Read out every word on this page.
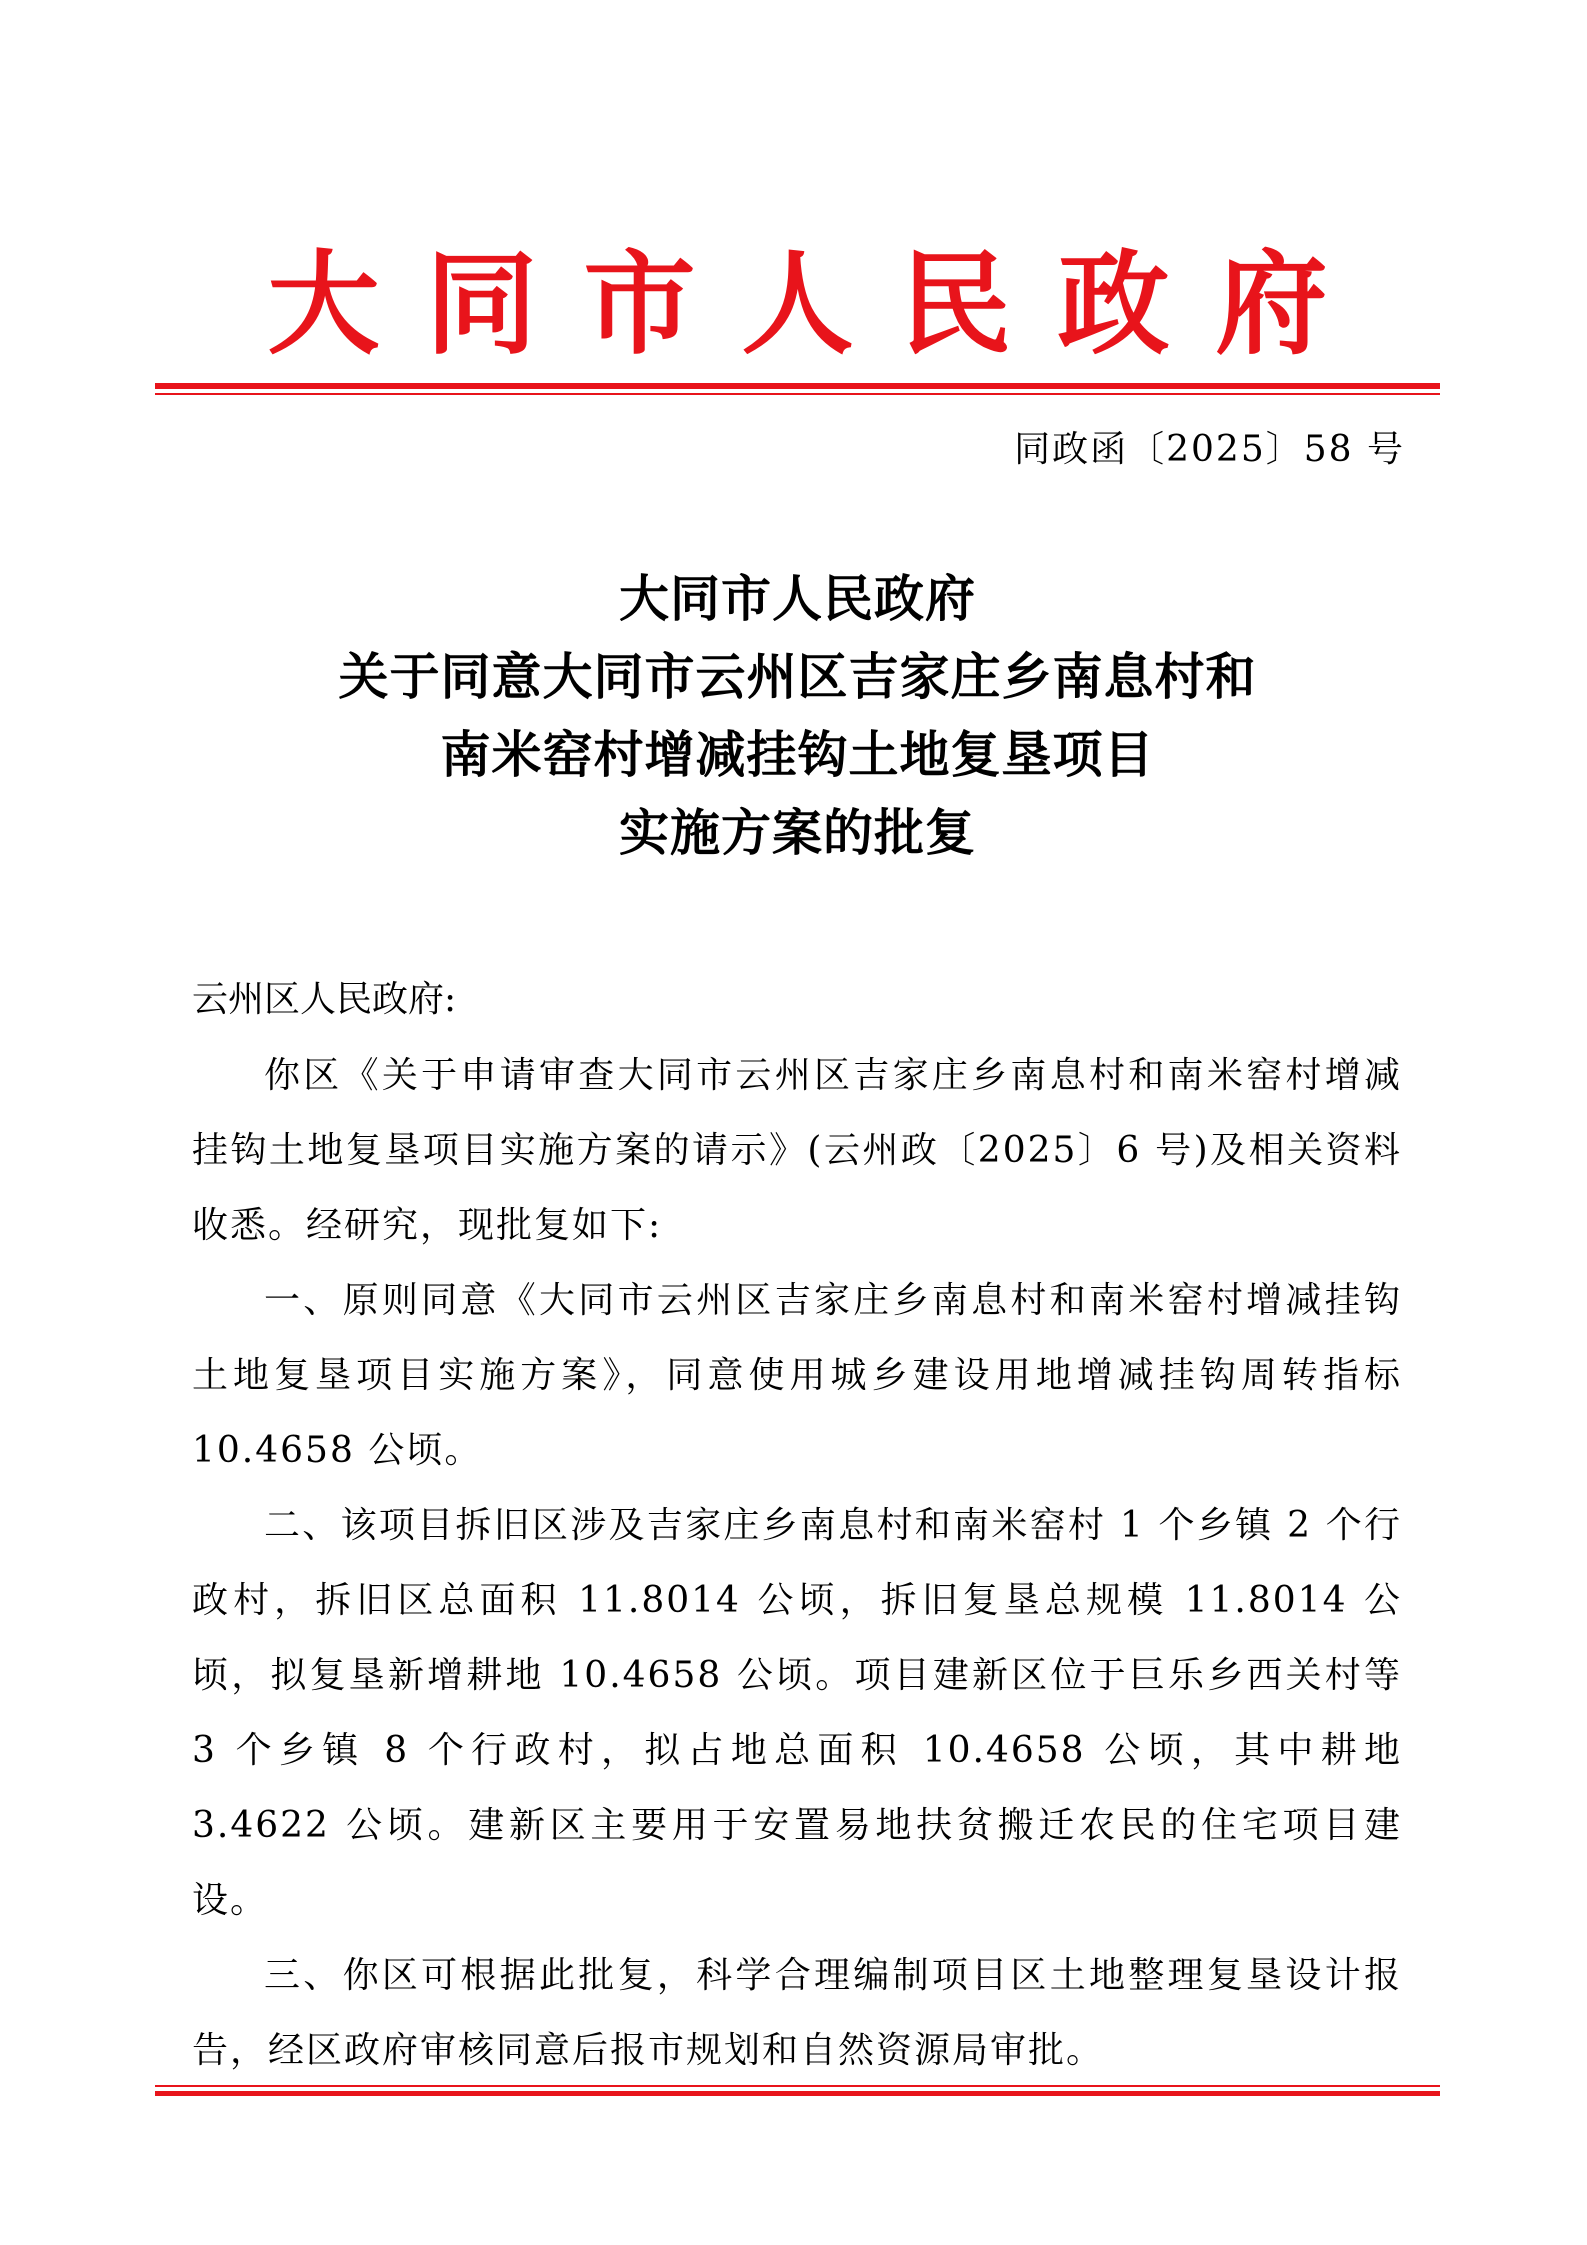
大同市人民政府
同政函〔2025〕58 号
大同市人民政府
关于同意大同市云州区吉家庄乡南息村和
南米窑村增减挂钩土地复垦项目
实施方案的批复
云州区人民政府:

你区《关于申请审查大同市云州区吉家庄乡南息村和南米窑村增减挂钩土地复垦项目实施方案的请示》(云州政〔2025〕6 号)及相关资料收悉。经研究，现批复如下:

一、原则同意《大同市云州区吉家庄乡南息村和南米窑村增减挂钩土地复垦项目实施方案》，同意使用城乡建设用地增减挂钩周转指标 10.4658 公顷。

二、该项目拆旧区涉及吉家庄乡南息村和南米窑村 1 个乡镇 2 个行政村，拆旧区总面积 11.8014 公顷，拆旧复垦总规模 11.8014 公顷，拟复垦新增耕地 10.4658 公顷。项目建新区位于巨乐乡西关村等 3 个乡镇 8 个行政村，拟占地总面积 10.4658 公顷，其中耕地 3.4622 公顷。建新区主要用于安置易地扶贫搬迁农民的住宅项目建设。

三、你区可根据此批复，科学合理编制项目区土地整理复垦设计报告，经区政府审核同意后报市规划和自然资源局审批。
